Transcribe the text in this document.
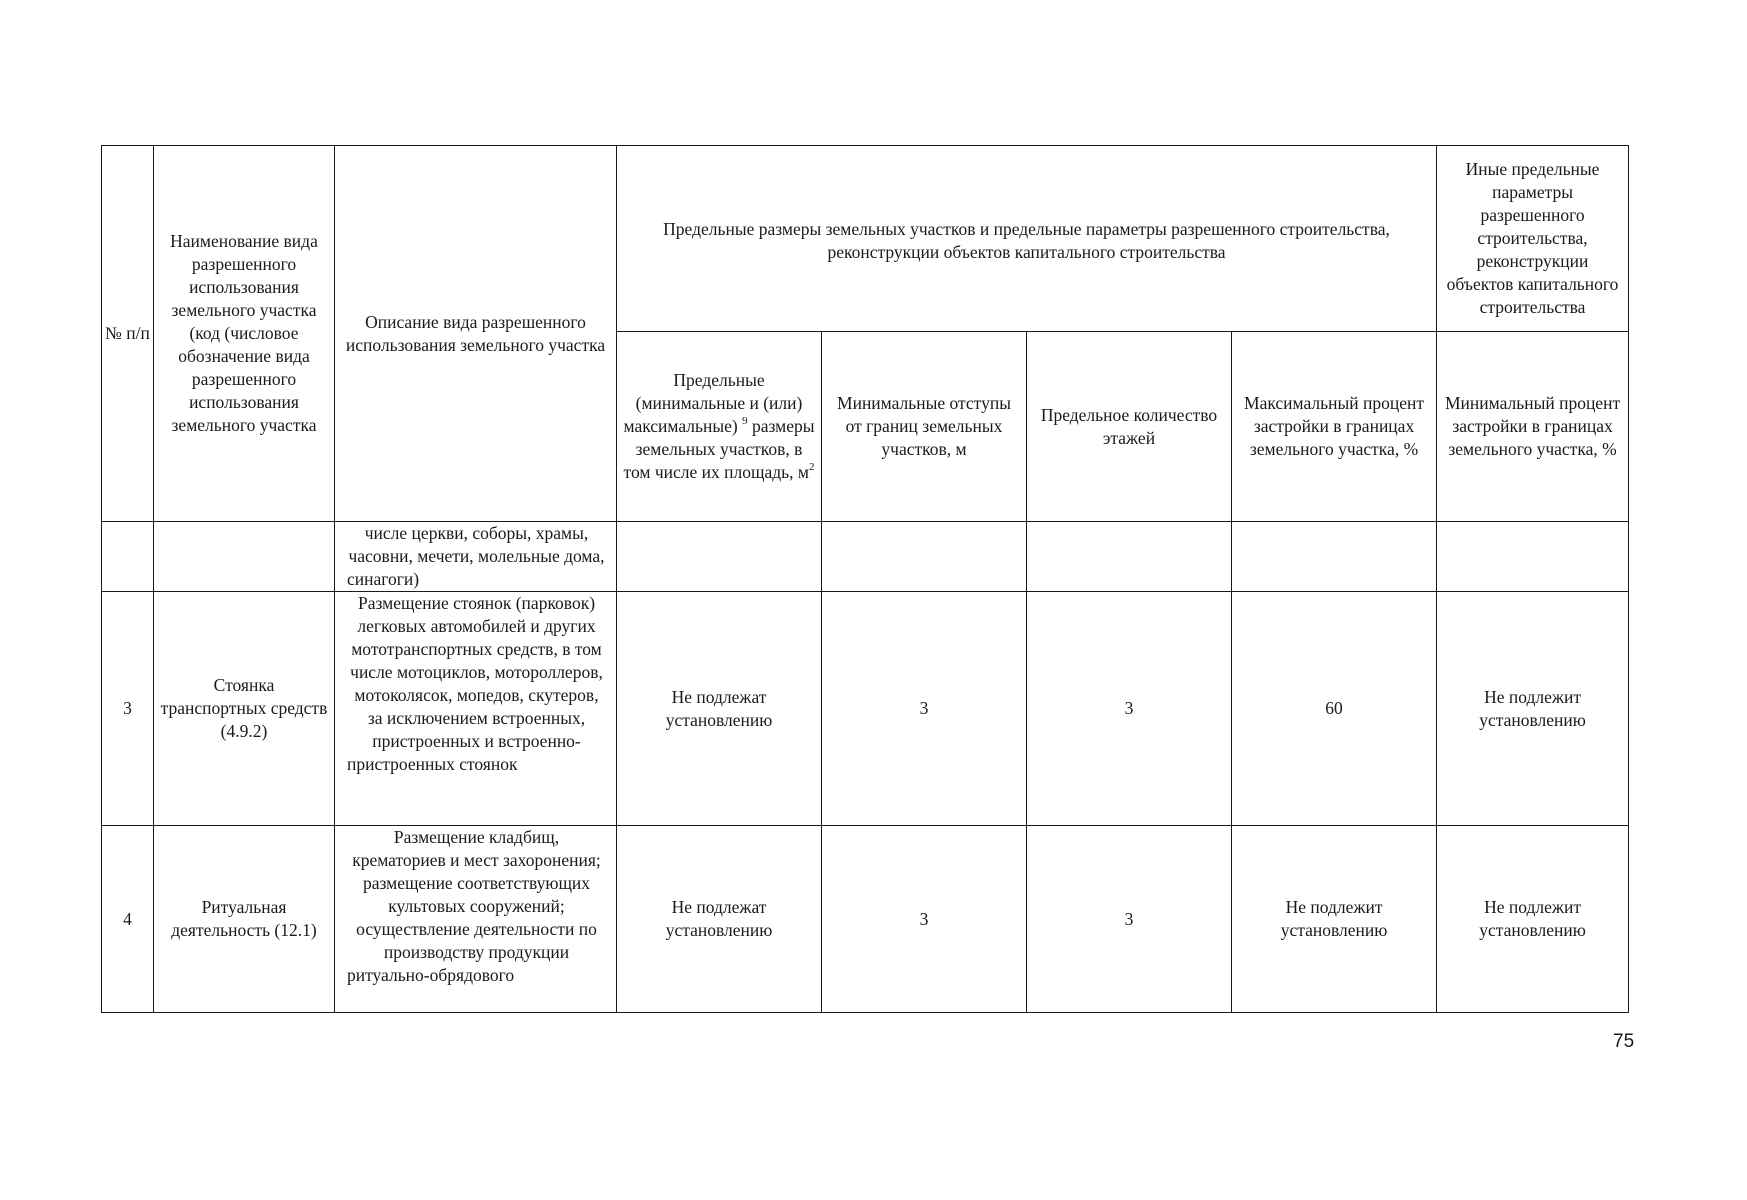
№ п/п	Наименование вида разрешенного использования земельного участка (код (числовое обозначение вида разрешенного использования земельного участка	Описание вида разрешенного использования земельного участка	Предельные размеры земельных участков и предельные параметры разрешенного строительства, реконструкции объектов капитального строительства				Иные предельные параметры разрешенного строительства, реконструкции объектов капитального строительства
			Предельные (минимальные и (или) максимальные) $^9$ размеры земельных участков, в том числе их площадь, $м^2$	Минимальные отступы от границ земельных участков, м	Предельное количество этажей	Максимальный процент застройки в границах земельного участка, %	Минимальный процент застройки в границах земельного участка, %
		числе церкви, соборы, храмы, часовни, мечети, молельные дома, синагоги)					
3	Стоянка транспортных средств (4.9.2)	Размещение стоянок (парковок) легковых автомобилей и других мототранспортных средств, в том числе мотоциклов, мотороллеров, мотоколясок, мопедов, скутеров, за исключением встроенных, пристроенных и встроенно-пристроенных стоянок	Не подлежат установлению	3	3	60	Не подлежит установлению
4	Ритуальная деятельность (12.1)	Размещение кладбищ, крематориев и мест захоронения; размещение соответствующих культовых сооружений; осуществление деятельности по производству продукции ритуально-обрядового	Не подлежат установлению	3	3	Не подлежит установлению	Не подлежит установлению
75
